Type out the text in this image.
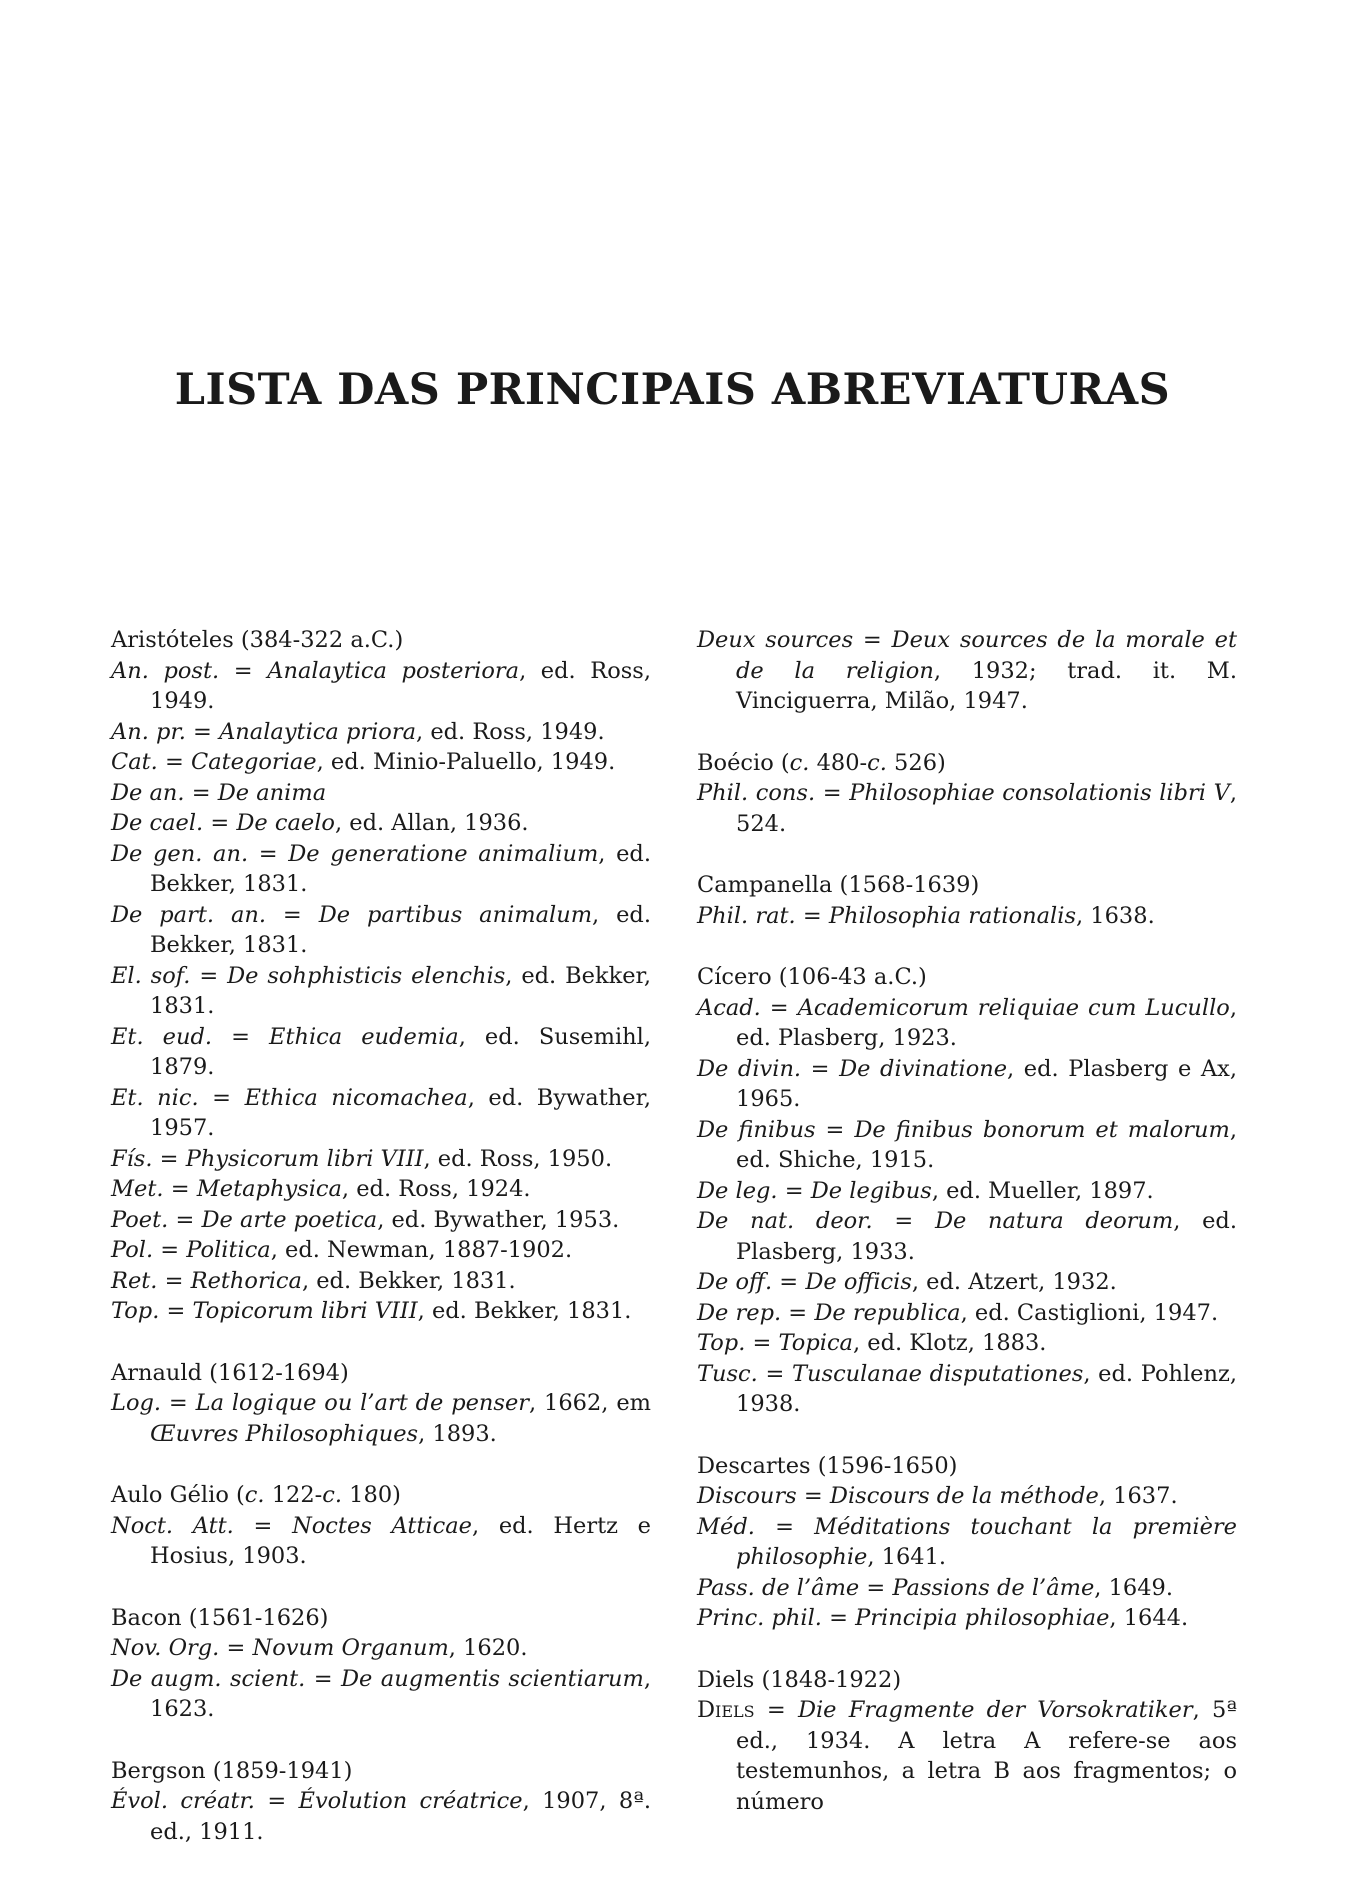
LISTA DAS PRINCIPAIS ABREVIATURAS

Aristóteles (384-322 a.C.)

An. post. = Analaytica posteriora, ed. Ross, 1949.

An. pr. = Analaytica priora, ed. Ross, 1949.

Cat. = Categoriae, ed. Minio-Paluello, 1949.

De an. = De anima

De cael. = De caelo, ed. Allan, 1936.

De gen. an. = De generatione animalium, ed. Bekker, 1831.

De part. an. = De partibus animalum, ed. Bekker, 1831.

El. sof. = De sohphisticis elenchis, ed. Bekker, 1831.

Et. eud. = Ethica eudemia, ed. Susemihl, 1879.

Et. nic. = Ethica nicomachea, ed. Bywather, 1957.

Fís. = Physicorum libri VIII, ed. Ross, 1950.

Met. = Metaphysica, ed. Ross, 1924.

Poet. = De arte poetica, ed. Bywather, 1953.

Pol. = Politica, ed. Newman, 1887-1902.

Ret. = Rethorica, ed. Bekker, 1831.

Top. = Topicorum libri VIII, ed. Bekker, 1831.

Arnauld (1612-1694)

Log. = La logique ou l’art de penser, 1662, em Œuvres Philosophiques, 1893.

Aulo Gélio (c. 122-c. 180)

Noct. Att. = Noctes Atticae, ed. Hertz e Hosius, 1903.

Bacon (1561-1626)

Nov. Org. = Novum Organum, 1620.

De augm. scient. = De augmentis scientiarum, 1623.

Bergson (1859-1941)

Évol. créatr. = Évolution créatrice, 1907, 8ª. ed., 1911.

Deux sources = Deux sources de la morale et de la religion, 1932; trad. it. M. Vinciguerra, Milão, 1947.

Boécio (c. 480-c. 526)

Phil. cons. = Philosophiae consolationis libri V, 524.

Campanella (1568-1639)

Phil. rat. = Philosophia rationalis, 1638.

Cícero (106-43 a.C.)

Acad. = Academicorum reliquiae cum Lucullo, ed. Plasberg, 1923.

De divin. = De divinatione, ed. Plasberg e Ax, 1965.

De finibus = De finibus bonorum et malorum, ed. Shiche, 1915.

De leg. = De legibus, ed. Mueller, 1897.

De nat. deor. = De natura deorum, ed. Plasberg, 1933.

De off. = De officis, ed. Atzert, 1932.

De rep. = De republica, ed. Castiglioni, 1947.

Top. = Topica, ed. Klotz, 1883.

Tusc. = Tusculanae disputationes, ed. Pohlenz, 1938.

Descartes (1596-1650)

Discours = Discours de la méthode, 1637.

Méd. = Méditations touchant la première philosophie, 1641.

Pass. de l’âme = Passions de l’âme, 1649.

Princ. phil. = Principia philosophiae, 1644.

Diels (1848-1922)

Diels = Die Fragmente der Vorsokratiker, 5ª ed., 1934. A letra A refere-se aos testemunhos, a letra B aos fragmentos; o número
